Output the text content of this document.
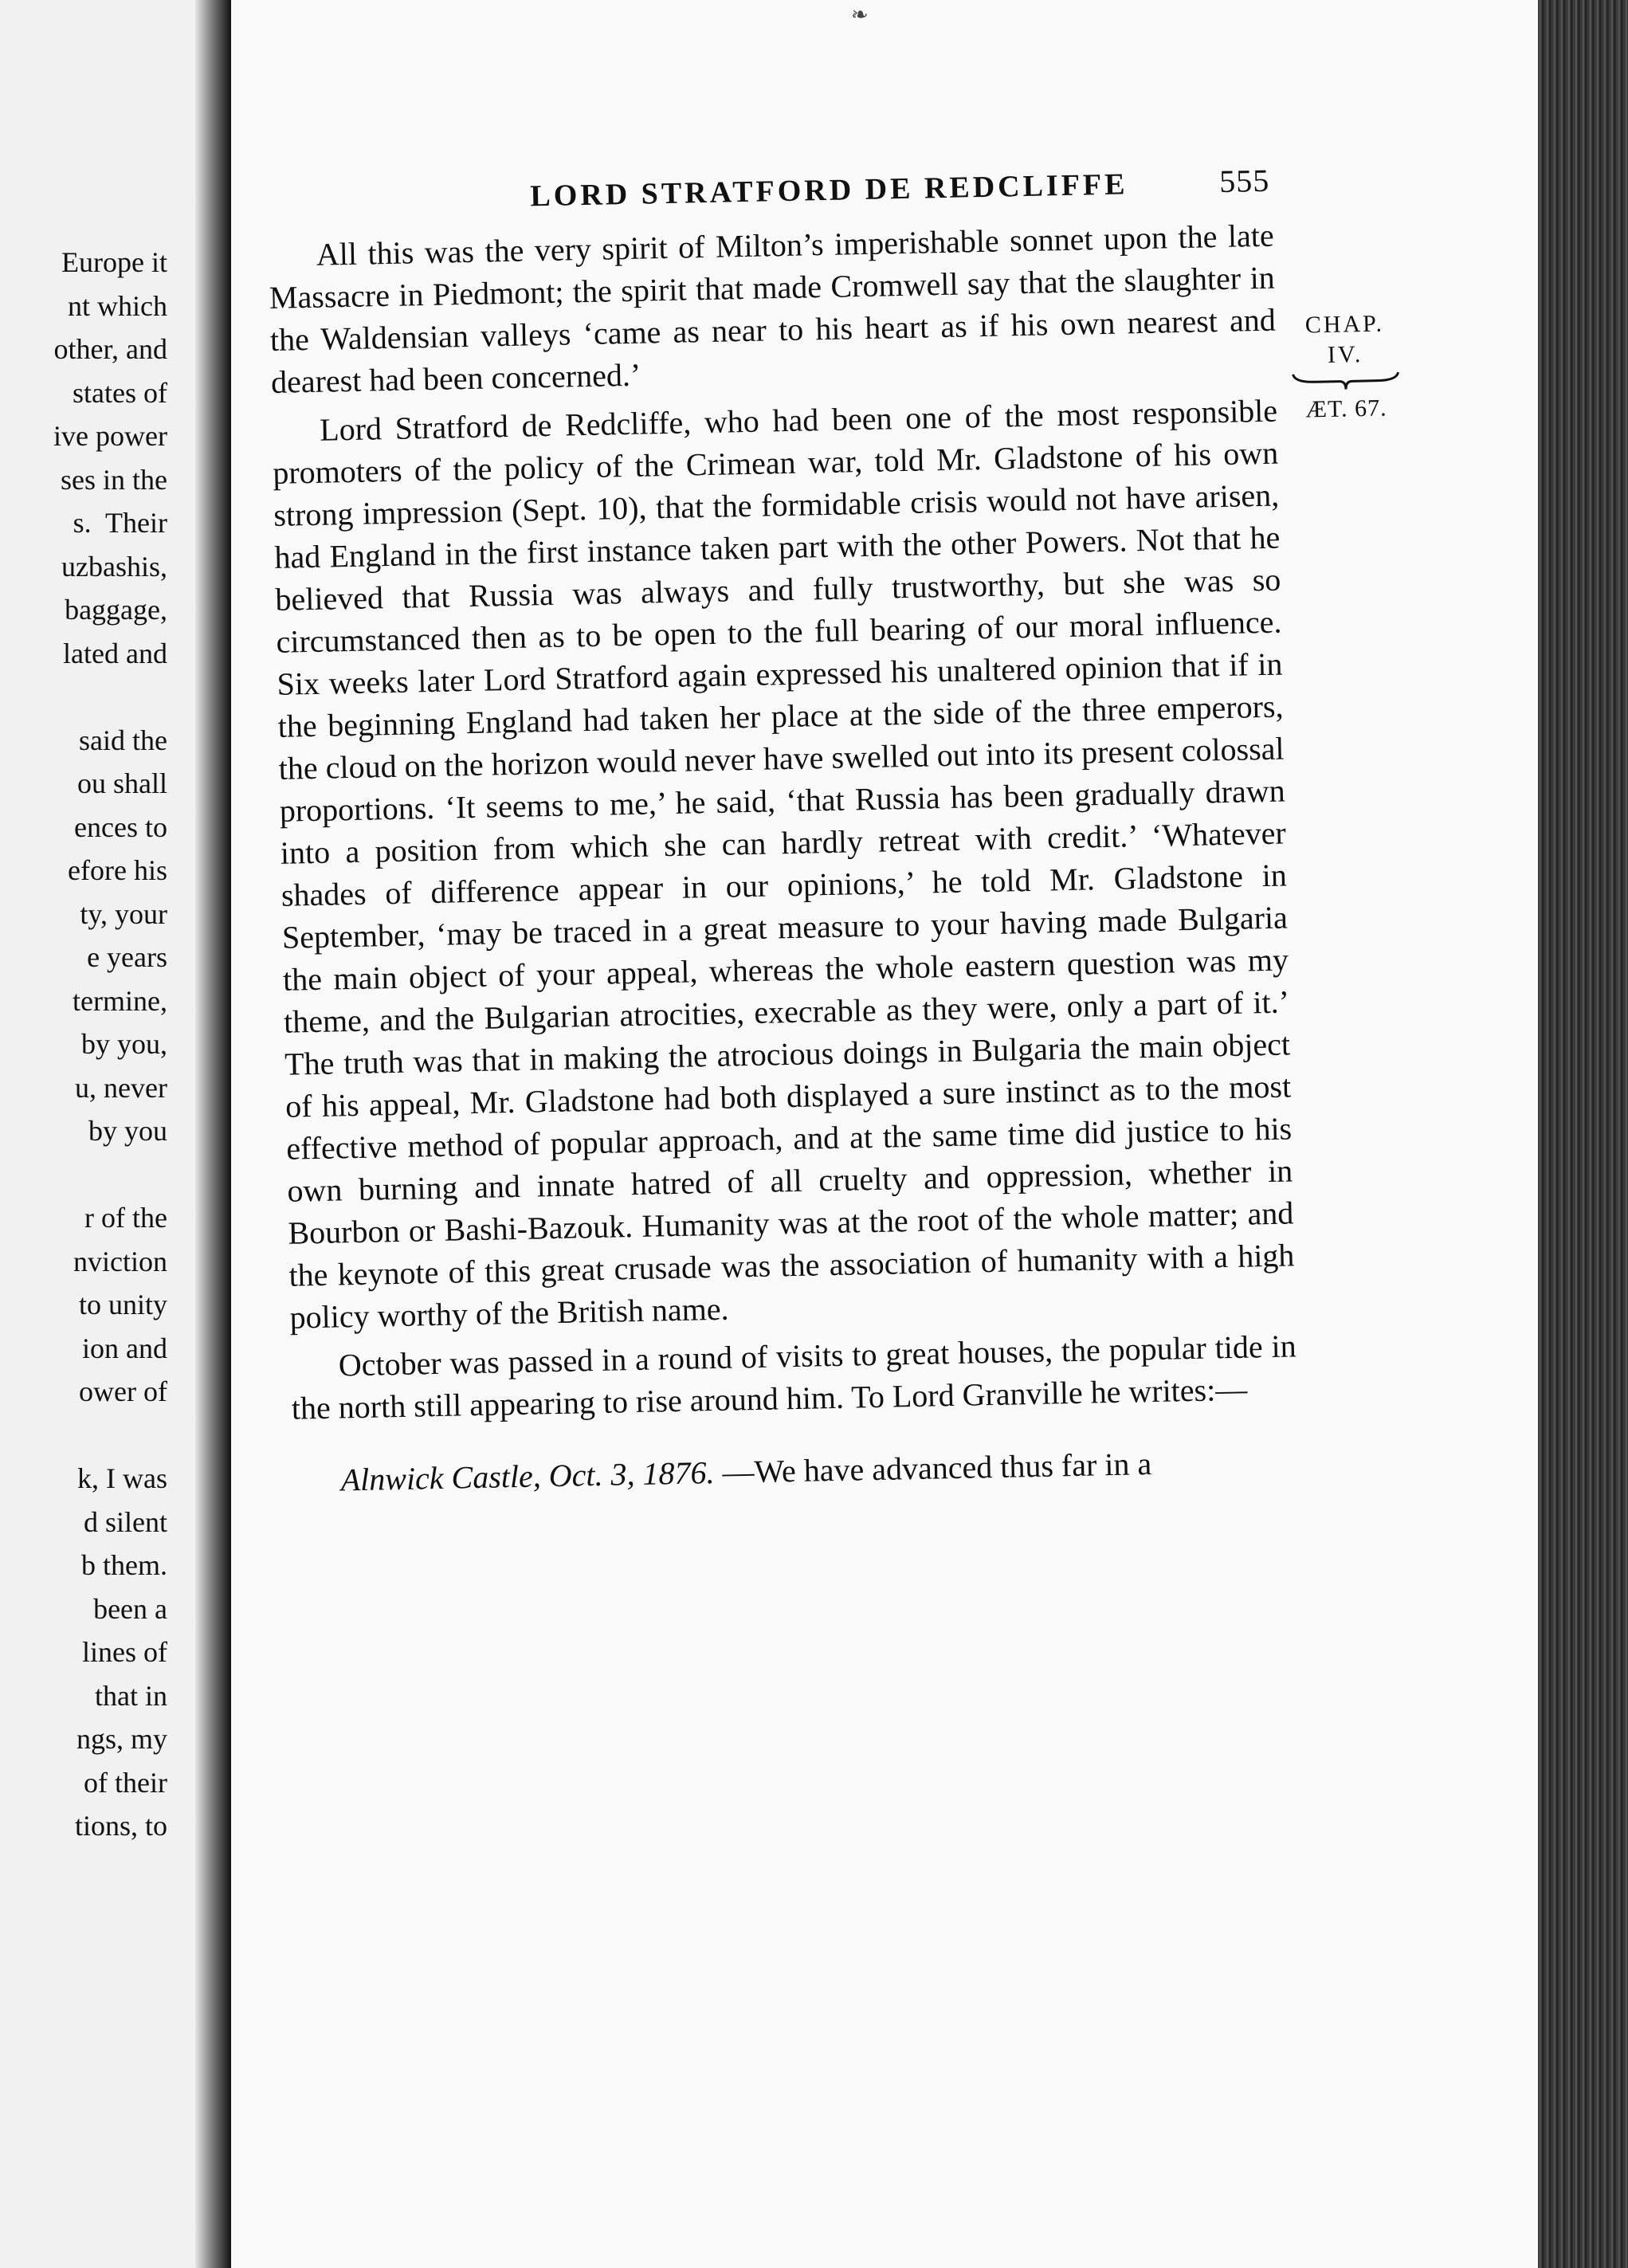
Europe it
nt which
other, and
states of
ive power
ses in the
s.  Their
uzbashis,
baggage,
lated and

said the
ou shall
ences to
efore his
ty, your
e years
termine,
by you,
u, never
by you

r of the
nviction
to unity
ion and
ower of

k, I was
d silent
b them.
been a
lines of
that in
ngs, my
of their
tions, to
❧
LORD STRATFORD DE REDCLIFFE	555

All this was the very spirit of Milton’s imperishable sonnet upon the late Massacre in Piedmont; the spirit that made Cromwell say that the slaughter in the Waldensian valleys ‘came as near to his heart as if his own nearest and dearest had been concerned.’

Lord Stratford de Redcliffe, who had been one of the most responsible promoters of the policy of the Crimean war, told Mr. Gladstone of his own strong impression (Sept. 10), that the formidable crisis would not have arisen, had England in the first instance taken part with the other Powers. Not that he believed that Russia was always and fully trustworthy, but she was so circumstanced then as to be open to the full bearing of our moral influence. Six weeks later Lord Stratford again expressed his unaltered opinion that if in the beginning England had taken her place at the side of the three emperors, the cloud on the horizon would never have swelled out into its present colossal proportions. ‘It seems to me,’ he said, ‘that Russia has been gradually drawn into a position from which she can hardly retreat with credit.’ ‘Whatever shades of difference appear in our opinions,’ he told Mr. Gladstone in September, ‘may be traced in a great measure to your having made Bulgaria the main object of your appeal, whereas the whole eastern question was my theme, and the Bulgarian atrocities, execrable as they were, only a part of it.’ The truth was that in making the atrocious doings in Bulgaria the main object of his appeal, Mr. Gladstone had both displayed a sure instinct as to the most effective method of popular approach, and at the same time did justice to his own burning and innate hatred of all cruelty and oppression, whether in Bourbon or Bashi-Bazouk. Humanity was at the root of the whole matter; and the keynote of this great crusade was the association of humanity with a high policy worthy of the British name.

October was passed in a round of visits to great houses, the popular tide in the north still appearing to rise around him. To Lord Granville he writes:—

Alnwick Castle, Oct. 3, 1876. —We have advanced thus far in a

CHAP.
IV.
ÆT. 67.
